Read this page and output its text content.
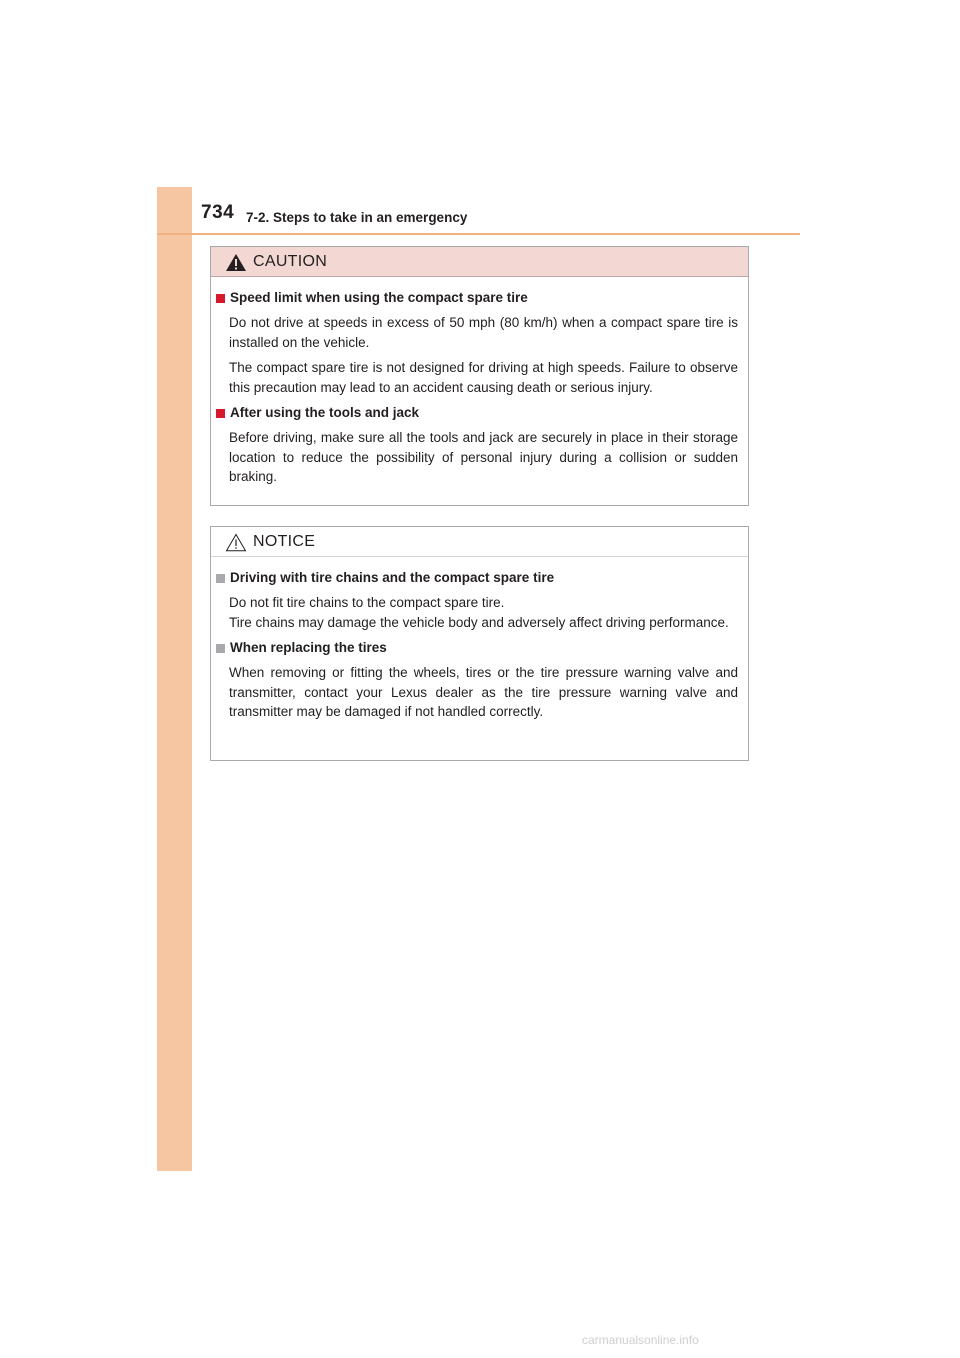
734 7-2. Steps to take in an emergency
CAUTION
Speed limit when using the compact spare tire
Do not drive at speeds in excess of 50 mph (80 km/h) when a compact spare tire is installed on the vehicle.
The compact spare tire is not designed for driving at high speeds. Failure to observe this precaution may lead to an accident causing death or serious injury.
After using the tools and jack
Before driving, make sure all the tools and jack are securely in place in their storage location to reduce the possibility of personal injury during a collision or sudden braking.
NOTICE
Driving with tire chains and the compact spare tire
Do not fit tire chains to the compact spare tire.
Tire chains may damage the vehicle body and adversely affect driving performance.
When replacing the tires
When removing or fitting the wheels, tires or the tire pressure warning valve and transmitter, contact your Lexus dealer as the tire pressure warning valve and transmitter may be damaged if not handled correctly.
carmanualsonline.info
